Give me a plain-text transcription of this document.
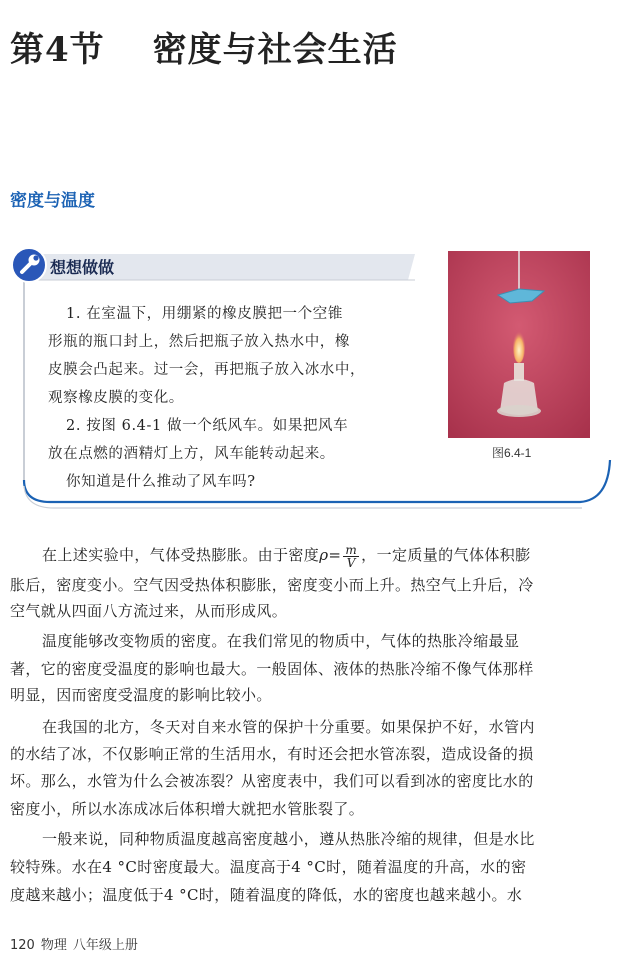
第4节 密度与社会生活
密度与温度
想想做做
1. 在室温下，用绷紧的橡皮膜把一个空锥
形瓶的瓶口封上，然后把瓶子放入热水中，橡
皮膜会凸起来。过一会，再把瓶子放入冰水中，
观察橡皮膜的变化。
2. 按图 6.4-1 做一个纸风车。如果把风车
放在点燃的酒精灯上方，风车能转动起来。
你知道是什么推动了风车吗?
图6.4-1
在上述实验中，气体受热膨胀。由于密度$\rho= \frac{m}{V}$ ，一定质量的气体体积膨
胀后，密度变小。空气因受热体积膨胀，密度变小而上升。热空气上升后，冷
空气就从四面八方流过来，从而形成风。
温度能够改变物质的密度。在我们常见的物质中，气体的热胀冷缩最显
著，它的密度受温度的影响也最大。一般固体、液体的热胀冷缩不像气体那样
明显，因而密度受温度的影响比较小。
在我国的北方，冬天对自来水管的保护十分重要。如果保护不好，水管内
的水结了冰，不仅影响正常的生活用水，有时还会把水管冻裂，造成设备的损
坏。那么，水管为什么会被冻裂？从密度表中，我们可以看到冰的密度比水的
密度小，所以水冻成冰后体积增大就把水管胀裂了。
一般来说，同种物质温度越高密度越小，遵从热胀冷缩的规律，但是水比
较特殊。水在4 °C时密度最大。温度高于4 °C时，随着温度的升高，水的密
度越来越小；温度低于4 °C时，随着温度的降低，水的密度也越来越小。水
120 物理 八年级上册
